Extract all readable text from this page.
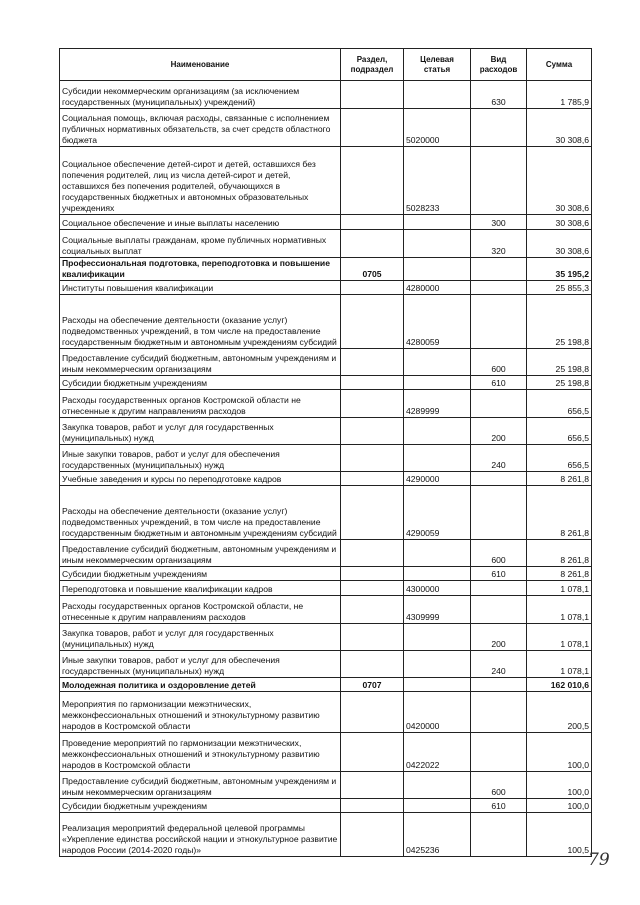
Наименование	Раздел, подраздел	Целевая статья	Вид расходов	Сумма
Субсидии некоммерческим организациям (за исключением государственных (муниципальных) учреждений)			630	1 785,9
Социальная помощь, включая расходы, связанные с исполнением публичных нормативных обязательств, за счет средств областного бюджета		5020000		30 308,6
Социальное обеспечение детей-сирот и детей, оставшихся без попечения родителей, лиц из числа детей-сирот и детей, оставшихся без попечения родителей, обучающихся в государственных бюджетных и автономных образовательных учреждениях		5028233		30 308,6
Социальное обеспечение и иные выплаты населению			300	30 308,6
Социальные выплаты гражданам, кроме публичных нормативных социальных выплат			320	30 308,6
Профессиональная подготовка, переподготовка и повышение квалификации	0705			35 195,2
Институты повышения квалификации		4280000		25 855,3
Расходы на обеспечение деятельности (оказание услуг) подведомственных учреждений, в том числе на предоставление государственным бюджетным и автономным учреждениям субсидий		4280059		25 198,8
Предоставление субсидий бюджетным, автономным учреждениям и иным некоммерческим организациям			600	25 198,8
Субсидии бюджетным учреждениям			610	25 198,8
Расходы государственных органов Костромской области не отнесенные к другим направлениям расходов		4289999		656,5
Закупка товаров, работ и услуг для государственных (муниципальных) нужд			200	656,5
Иные закупки товаров, работ и услуг для обеспечения государственных (муниципальных) нужд			240	656,5
Учебные заведения и курсы по переподготовке кадров		4290000		8 261,8
Расходы на обеспечение деятельности (оказание услуг) подведомственных учреждений, в том числе на предоставление государственным бюджетным и автономным учреждениям субсидий		4290059		8 261,8
Предоставление субсидий бюджетным, автономным учреждениям и иным некоммерческим организациям			600	8 261,8
Субсидии бюджетным учреждениям			610	8 261,8
Переподготовка и повышение квалификации кадров		4300000		1 078,1
Расходы государственных органов Костромской области, не отнесенные к другим направлениям расходов		4309999		1 078,1
Закупка товаров, работ и услуг для государственных (муниципальных) нужд			200	1 078,1
Иные закупки товаров, работ и услуг для обеспечения государственных (муниципальных) нужд			240	1 078,1
Молодежная политика и оздоровление детей	0707			162 010,6
Мероприятия по гармонизации межэтнических, межконфессиональных отношений и этнокультурному развитию народов в Костромской области		0420000		200,5
Проведение мероприятий по гармонизации межэтнических, межконфессиональных отношений и этнокультурному развитию народов в Костромской области		0422022		100,0
Предоставление субсидий бюджетным, автономным учреждениям и иным некоммерческим организациям			600	100,0
Субсидии бюджетным учреждениям			610	100,0
Реализация мероприятий федеральной целевой программы «Укрепление единства российской нации и этнокультурное развитие народов России (2014-2020 годы)»		0425236		100,5 79
